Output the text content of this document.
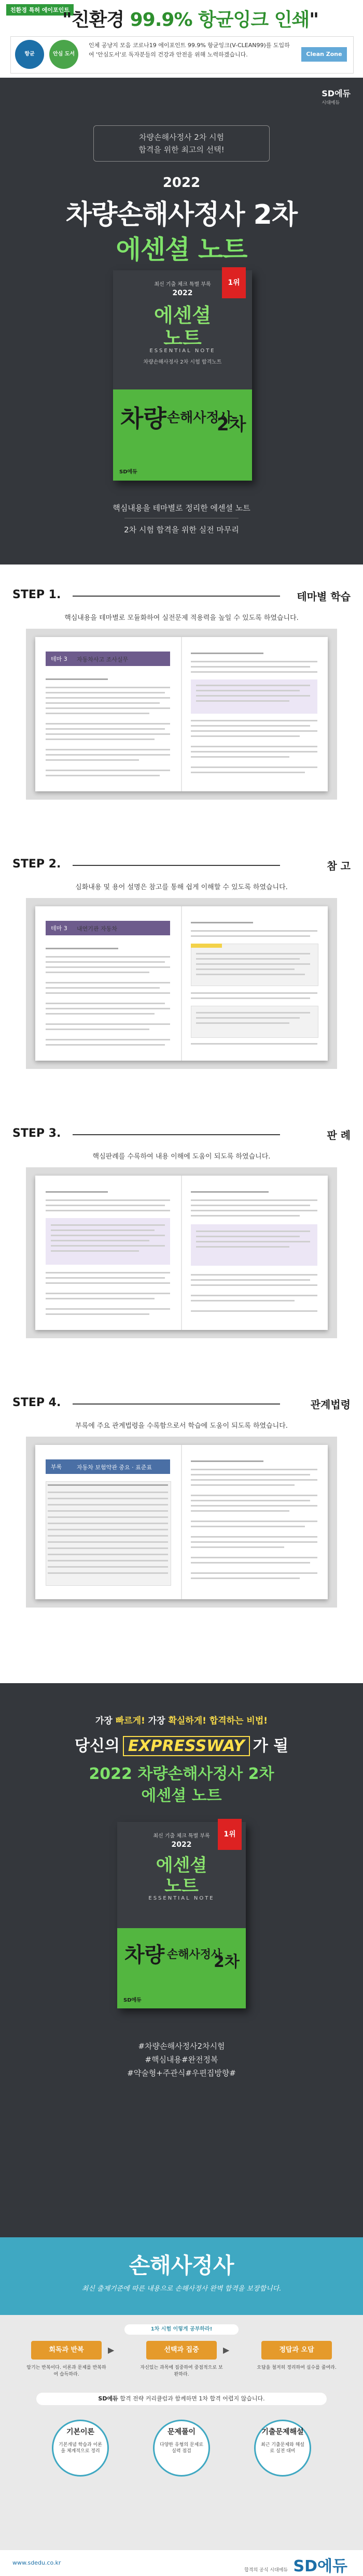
친환경 특허 에이포인트
"친환경 99.9% 항균잉크 인쇄"
항균	안심 도서
인체 공냥지 모음 코로나19 에이포인트 99.9% 항균잉크(V-CLEAN99)를 도입하여 '안심도서'로 독자분들의 건강과 안전을 위해 노력하겠습니다.	Clean Zone
SD에듀
시대에듀
차량손해사정사 2차 시험
합격을 위한 최고의 선택!
2022
차량손해사정사 2차
에센셜 노트
최신 기출 체크 특별 부록
2022
에센셜
노트
ESSENTIAL NOTE
차량손해사정사 2차 시험 합격노트
1위
차량 손해사정사
2차
SD에듀
핵심내용을 테마별로 정리한 에센셜 노트
2차 시험 합격을 위한 실전 마무리
STEP 1.	테마별 학습
핵심내용을 테마별로 모듈화하여 실전문제 적용력을 높일 수 있도록 하였습니다.
테마 3 자동차사고 조사실무
STEP 2.	참 고
심화내용 및 용어 설명은 참고를 통해 쉽게 이해할 수 있도록 하였습니다.
테마 3 내연기관 자동차
STEP 3.	판 례
핵심판례를 수록하여 내용 이해에 도움이 되도록 하였습니다.
STEP 4.	관계법령
부록에 주요 관계법령을 수록함으로서 학습에 도움이 되도록 하였습니다.
부록	자동차 보험약관 중요 · 표준표
가장 빠르게! 가장 확실하게! 합격하는 비법!
당신의 EXPRESSWAY 가 될
2022 차량손해사정사 2차
에센셜 노트
최신 기출 체크 특별 부록
2022
에센셜
노트
ESSENTIAL NOTE
1위
차량 손해사정사
2차
SD에듀
#차량손해사정사2차시험
#핵심내용#완전정복
#약술형+주관식#우편집방향#
손해사정사
최신 출제기준에 따른 내용으로 손해사정사 완벽 합격을 보장합니다.
1차 시험 이렇게 공부하라!
회독과 반복	▶	선택과 집중	▶	정답과 오답
암기는 반복이다. 이론과 문제를 반복하여 습득하라.
자신있는 과목에 집중하여 중점적으로 보완하라.
오답을 철저히 정리하여 실수를 줄여라.
SD에듀 합격 전략 커리큘럼과 함께하면 1차 합격 어렵지 않습니다.
기본이론
기본개념 학습과 이론을 체계적으로 정리
문제풀이
다양한 유형의 문제로 실력 점검
기출문제해설
최근 기출문제와 해설로 실전 대비
www.sdedu.co.kr
합격의 공식 시대에듀 SD에듀
